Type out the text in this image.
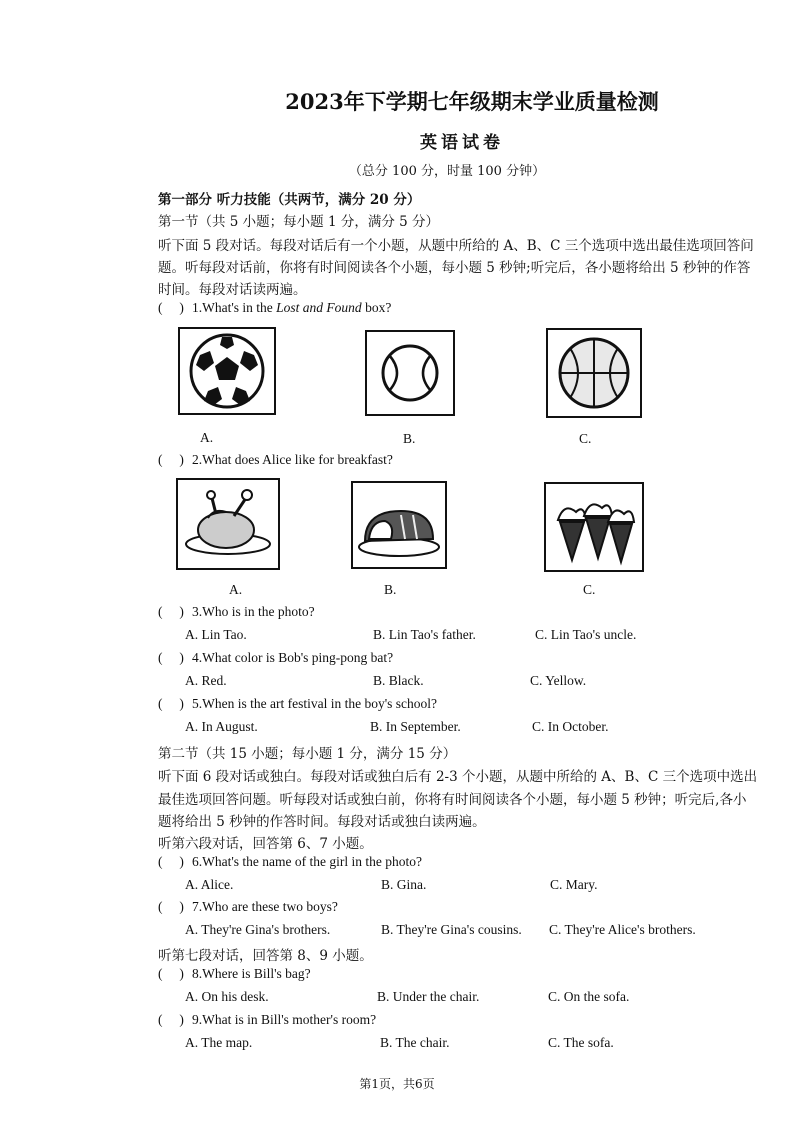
2023年下学期七年级期末学业质量检测
英语试卷
（总分 100 分，时量 100 分钟）
第一部分 听力技能（共两节，满分 20 分）
第一节（共 5 小题；每小题 1 分，满分 5 分）
听下面 5 段对话。每段对话后有一个小题，从题中所给的 A、B、C 三个选项中选出最佳选项回答问
题。听每段对话前，你将有时间阅读各个小题，每小题 5 秒钟;听完后，各小题将给出 5 秒钟的作答
时间。每段对话读两遍。
( ) 1.What's in the Lost and Found box?
A.	B.	C.
( ) 2.What does Alice like for breakfast?
A.	B.	C.
( ) 3.Who is in the photo?
A. Lin Tao.	B. Lin Tao's father.	C. Lin Tao's uncle.
( ) 4.What color is Bob's ping-pong bat?
A. Red.	B. Black.	C. Yellow.
( ) 5.When is the art festival in the boy's school?
A. In August.	B. In September.	C. In October.
第二节（共 15 小题；每小题 1 分，满分 15 分）
听下面 6 段对话或独白。每段对话或独白后有 2-3 个小题，从题中所给的 A、B、C 三个选项中选出
最佳选项回答问题。听每段对话或独白前，你将有时间阅读各个小题，每小题 5 秒钟；听完后,各小
题将给出 5 秒钟的作答时间。每段对话或独白读两遍。
听第六段对话，回答第 6、7 小题。
( ) 6.What's the name of the girl in the photo?
A. Alice.	B. Gina.	C. Mary.
( ) 7.Who are these two boys?
A. They're Gina's brothers.	B. They're Gina's cousins. C. They're Alice's brothers.
听第七段对话，回答第 8、9 小题。
( ) 8.Where is Bill's bag?
A. On his desk.	B. Under the chair.	C. On the sofa.
( ) 9.What is in Bill's mother's room?
A. The map.	B. The chair.	C. The sofa.
第1页，共6页
